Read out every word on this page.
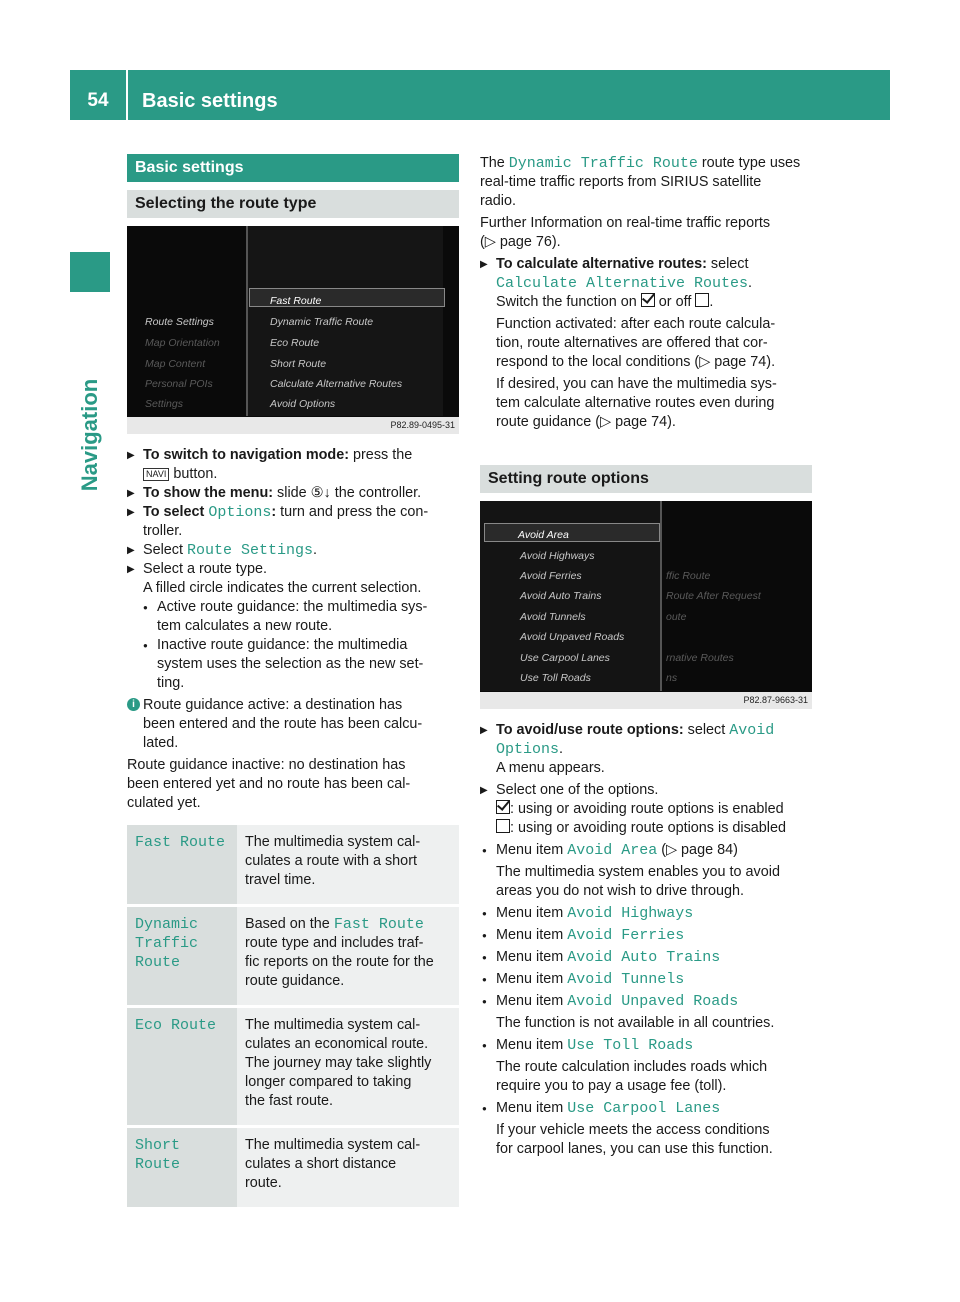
54	Basic settings
Navigation
Basic settings
Selecting the route type
Route Settings
Map Orientation
Map Content
Personal POIs
Settings
Fast Route
Dynamic Traffic Route
Eco Route
Short Route
Calculate Alternative Routes
Avoid Options
P82.89-0495-31

▶ To switch to navigation mode: press the
NAVI button.

▶ To show the menu: slide ⑤↓ the controller.

▶ To select Options: turn and press the con-
troller.

▶ Select Route Settings.

▶ Select a route type.
A filled circle indicates the current selection.

● Active route guidance: the multimedia sys-
tem calculates a new route.

● Inactive route guidance: the multimedia
system uses the selection as the new set-
ting.

i Route guidance active: a destination has
been entered and the route has been calcu-
lated.

Route guidance inactive: no destination has
been entered yet and no route has been cal-
culated yet.

Fast Route	The multimedia system cal-
culates a route with a short
travel time.
Dynamic
Traffic
Route	Based on the Fast Route
route type and includes traf-
fic reports on the route for the
route guidance.
Eco Route	The multimedia system cal-
culates an economical route.
The journey may take slightly
longer compared to taking
the fast route.
Short
Route	The multimedia system cal-
culates a short distance
route.

The Dynamic Traffic Route route type uses
real-time traffic reports from SIRIUS satellite
radio.

Further Information on real-time traffic reports
(▷ page 76).

▶ To calculate alternative routes: select
Calculate Alternative Routes.
Switch the function on  or off .

Function activated: after each route calcula-
tion, route alternatives are offered that cor-
respond to the local conditions (▷ page 74).

If desired, you can have the multimedia sys-
tem calculate alternative routes even during
route guidance (▷ page 74).

Setting route options
Avoid Area
Avoid Highways
Avoid Ferries
Avoid Auto Trains
Avoid Tunnels
Avoid Unpaved Roads
Use Carpool Lanes
Use Toll Roads
ffic Route
Route After Request
oute
rnative Routes
ns
P82.87-9663-31

▶ To avoid/use route options: select Avoid
Options.
A menu appears.

▶ Select one of the options.
: using or avoiding route options is enabled
: using or avoiding route options is disabled

● Menu item Avoid Area (▷ page 84)

The multimedia system enables you to avoid
areas you do not wish to drive through.

● Menu item Avoid Highways

● Menu item Avoid Ferries

● Menu item Avoid Auto Trains

● Menu item Avoid Tunnels

● Menu item Avoid Unpaved Roads

The function is not available in all countries.

● Menu item Use Toll Roads

The route calculation includes roads which
require you to pay a usage fee (toll).

● Menu item Use Carpool Lanes

If your vehicle meets the access conditions
for carpool lanes, you can use this function.
